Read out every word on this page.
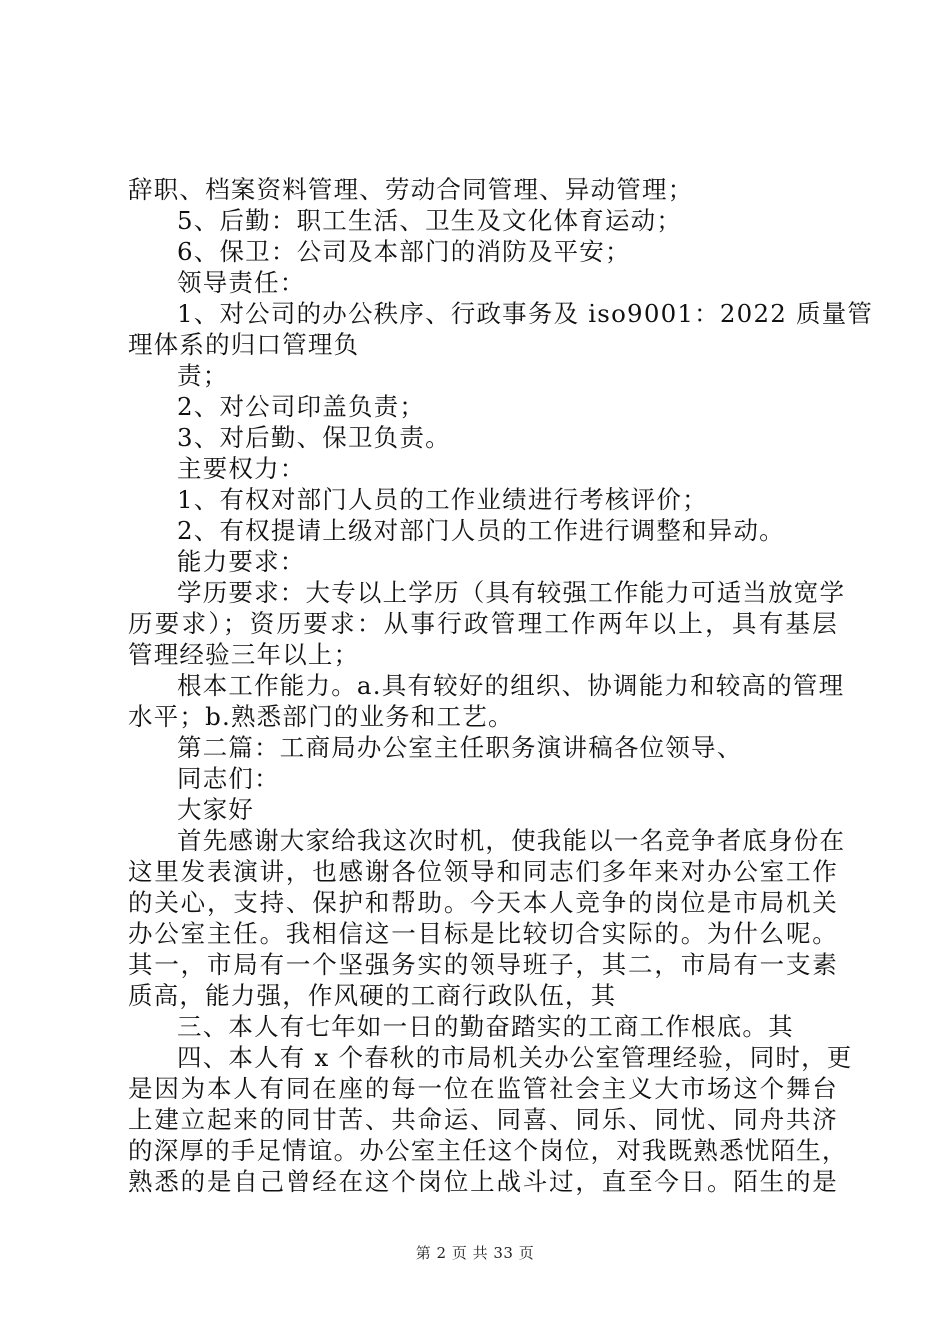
辞职、档案资料管理、劳动合同管理、异动管理；
5、后勤：职工生活、卫生及文化体育运动；
6、保卫：公司及本部门的消防及平安；
领导责任：
1、对公司的办公秩序、行政事务及 iso9001：2022 质量管
理体系的归口管理负
责；
2、对公司印盖负责；
3、对后勤、保卫负责。
主要权力：
1、有权对部门人员的工作业绩进行考核评价；
2、有权提请上级对部门人员的工作进行调整和异动。
能力要求：
学历要求：大专以上学历（具有较强工作能力可适当放宽学
历要求）；资历要求：从事行政管理工作两年以上，具有基层
管理经验三年以上；
根本工作能力。a.具有较好的组织、协调能力和较高的管理
水平；b.熟悉部门的业务和工艺。
第二篇：工商局办公室主任职务演讲稿各位领导、
同志们：
大家好
首先感谢大家给我这次时机，使我能以一名竞争者底身份在
这里发表演讲，也感谢各位领导和同志们多年来对办公室工作
的关心，支持、保护和帮助。今天本人竞争的岗位是市局机关
办公室主任。我相信这一目标是比较切合实际的。为什么呢。
其一，市局有一个坚强务实的领导班子，其二，市局有一支素
质高，能力强，作风硬的工商行政队伍，其
三、本人有七年如一日的勤奋踏实的工商工作根底。其
四、本人有 x 个春秋的市局机关办公室管理经验，同时，更
是因为本人有同在座的每一位在监管社会主义大市场这个舞台
上建立起来的同甘苦、共命运、同喜、同乐、同忧、同舟共济
的深厚的手足情谊。办公室主任这个岗位，对我既熟悉忧陌生，
熟悉的是自己曾经在这个岗位上战斗过，直至今日。陌生的是
第 2 页 共 33 页
